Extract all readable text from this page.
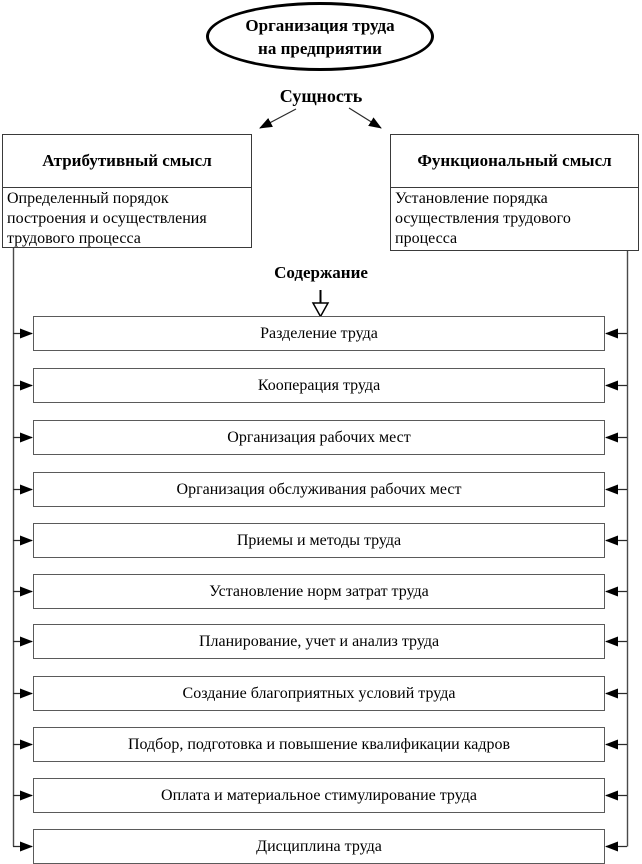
Организация труда
на предприятии
Сущность
Атрибутивный смысл
Определенный порядок построения и осуществления трудового процесса
Функциональный смысл
Установление порядка осуществления трудового процесса
Содержание
Разделение труда
Кооперация труда
Организация рабочих мест
Организация обслуживания рабочих мест
Приемы и методы труда
Установление норм затрат труда
Планирование, учет и анализ труда
Создание благоприятных условий труда
Подбор, подготовка и повышение квалификации кадров
Оплата и материальное стимулирование труда
Дисциплина труда
